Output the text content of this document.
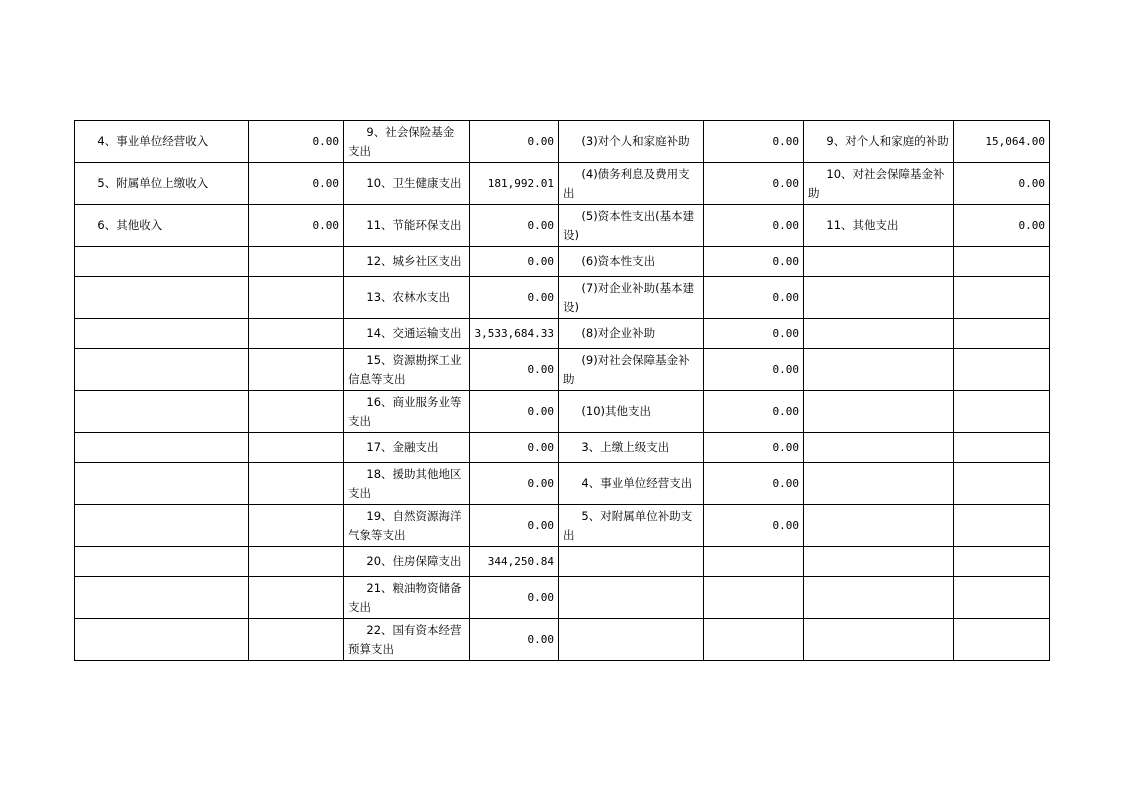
4、事业单位经营收入	0.00	9、社会保险基金支出	0.00	(3)对个人和家庭补助	0.00	9、对个人和家庭的补助	15,064.00
5、附属单位上缴收入	0.00	10、卫生健康支出	181,992.01	(4)债务利息及费用支出	0.00	10、对社会保障基金补助	0.00
6、其他收入	0.00	11、节能环保支出	0.00	(5)资本性支出(基本建设)	0.00	11、其他支出	0.00
		12、城乡社区支出	0.00	(6)资本性支出	0.00		
		13、农林水支出	0.00	(7)对企业补助(基本建设)	0.00		
		14、交通运输支出	3,533,684.33	(8)对企业补助	0.00		
		15、资源勘探工业信息等支出	0.00	(9)对社会保障基金补助	0.00		
		16、商业服务业等支出	0.00	(10)其他支出	0.00		
		17、金融支出	0.00	3、上缴上级支出	0.00		
		18、援助其他地区支出	0.00	4、事业单位经营支出	0.00		
		19、自然资源海洋气象等支出	0.00	5、对附属单位补助支出	0.00		
		20、住房保障支出	344,250.84				
		21、粮油物资储备支出	0.00				
		22、国有资本经营预算支出	0.00				
